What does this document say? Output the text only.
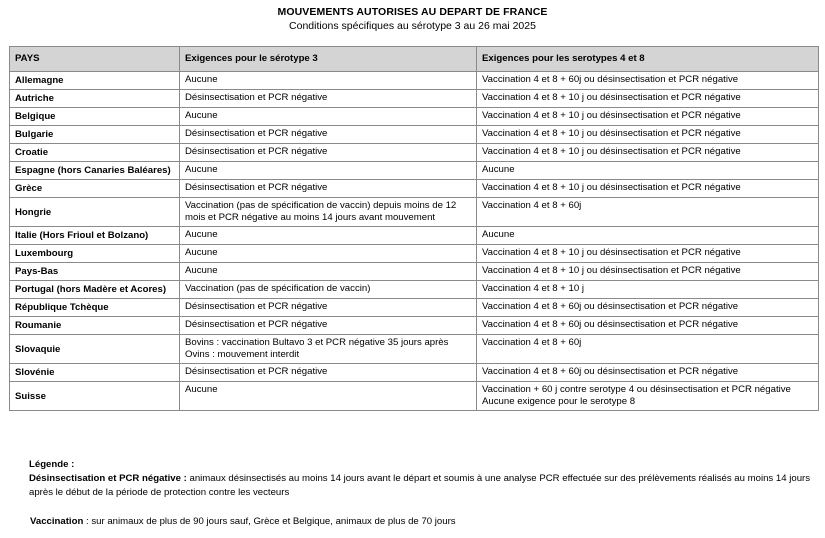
MOUVEMENTS AUTORISES AU DEPART DE FRANCE
Conditions spécifiques au sérotype 3 au 26 mai 2025
PAYS	Exigences pour le sérotype 3	Exigences pour les serotypes 4 et 8
Allemagne	Aucune	Vaccination 4 et 8 + 60j ou désinsectisation et PCR négative

Autriche	Désinsectisation et PCR négative	Vaccination 4 et 8 + 10 j ou désinsectisation et PCR négative

Belgique	Aucune	Vaccination 4 et 8 + 10 j ou désinsectisation et PCR négative

Bulgarie	Désinsectisation et PCR négative	Vaccination 4 et 8 + 10 j ou désinsectisation et PCR négative

Croatie	Désinsectisation et PCR négative	Vaccination 4 et 8 + 10 j ou désinsectisation et PCR négative

Espagne (hors Canaries Baléares)	Aucune	Aucune

Grèce	Désinsectisation et PCR négative	Vaccination 4 et 8 + 10 j ou désinsectisation et PCR négative

Hongrie	Vaccination (pas de spécification de vaccin) depuis moins de 12
mois et PCR négative au moins 14 jours avant mouvement	Vaccination 4 et 8 + 60j

Italie (Hors Frioul et Bolzano)	Aucune	Aucune

Luxembourg	Aucune	Vaccination 4 et 8 + 10 j ou désinsectisation et PCR négative

Pays-Bas	Aucune	Vaccination 4 et 8 + 10 j ou désinsectisation et PCR négative

Portugal (hors Madère et Acores)	Vaccination (pas de spécification de vaccin)	Vaccination 4 et 8 + 10 j

République Tchèque	Désinsectisation et PCR négative	Vaccination 4 et 8 + 60j ou désinsectisation et PCR négative

Roumanie	Désinsectisation et PCR négative	Vaccination 4 et 8 + 60j ou désinsectisation et PCR négative

Slovaquie	Bovins : vaccination Bultavo 3 et PCR négative 35 jours après
Ovins : mouvement interdit	Vaccination 4 et 8 + 60j

Slovénie	Désinsectisation et PCR négative	Vaccination 4 et 8 + 60j ou désinsectisation et PCR négative

Suisse	Aucune	Vaccination + 60 j contre serotype 4 ou désinsectisation et PCR négative
Aucune exigence pour le serotype 8
Légende :
Désinsectisation et PCR négative : animaux désinsectisés au moins 14 jours avant le départ et soumis à une analyse PCR effectuée sur des prélèvements réalisés au moins 14 jours après le début de la période de protection contre les vecteurs
Vaccination : sur animaux de plus de 90 jours sauf, Grèce et Belgique, animaux de plus de 70 jours
